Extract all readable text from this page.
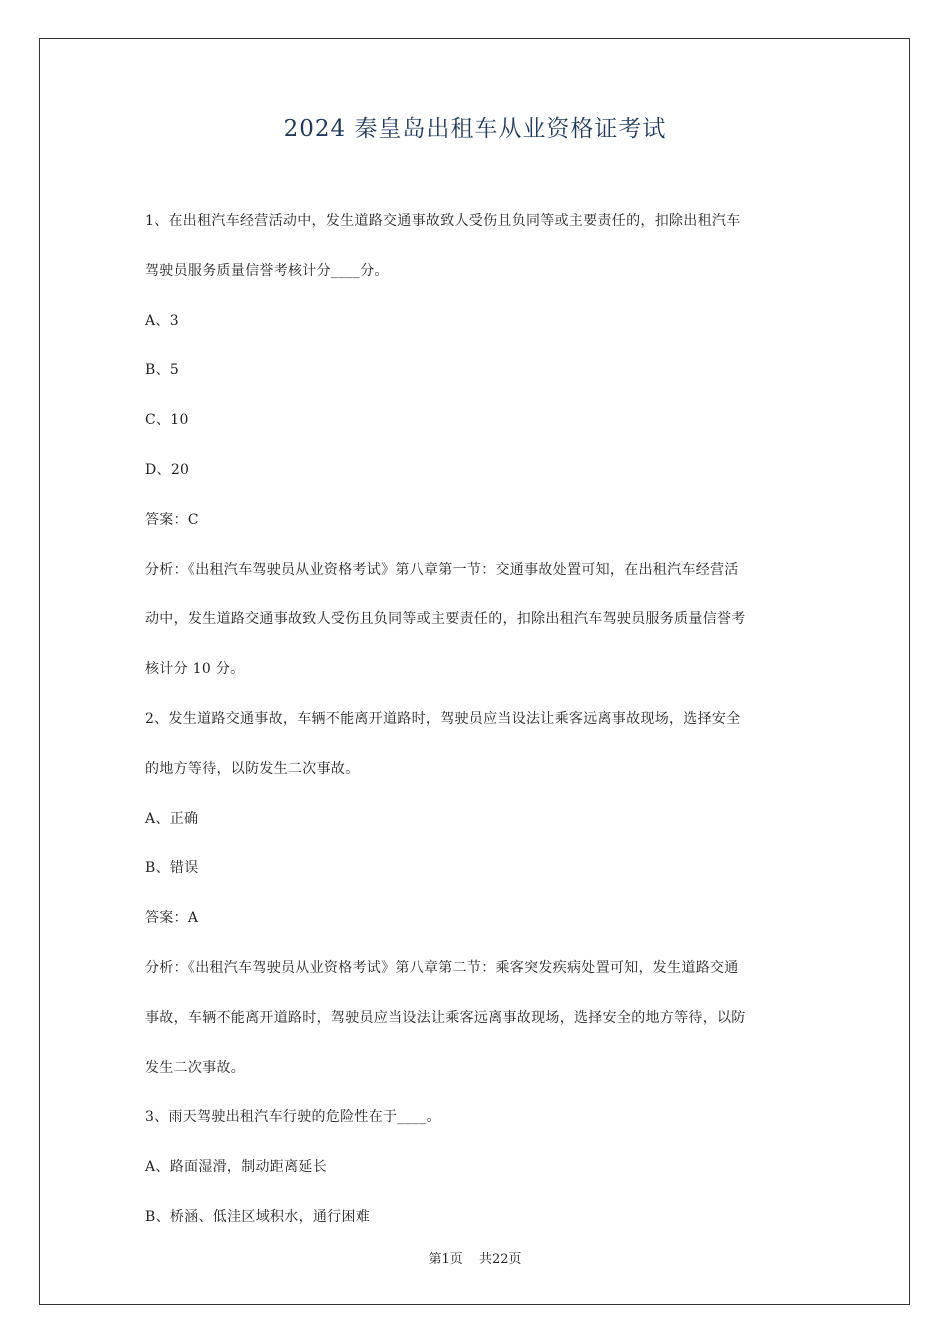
2024 秦皇岛出租车从业资格证考试
1、在出租汽车经营活动中，发生道路交通事故致人受伤且负同等或主要责任的，扣除出租汽车
驾驶员服务质量信誉考核计分____分。
A、3
B、5
C、10
D、20
答案：C
分析：《出租汽车驾驶员从业资格考试》第八章第一节：交通事故处置可知，在出租汽车经营活
动中，发生道路交通事故致人受伤且负同等或主要责任的，扣除出租汽车驾驶员服务质量信誉考
核计分 10 分。
2、发生道路交通事故，车辆不能离开道路时，驾驶员应当设法让乘客远离事故现场，选择安全
的地方等待，以防发生二次事故。
A、正确
B、错误
答案：A
分析：《出租汽车驾驶员从业资格考试》第八章第二节：乘客突发疾病处置可知，发生道路交通
事故，车辆不能离开道路时，驾驶员应当设法让乘客远离事故现场，选择安全的地方等待，以防
发生二次事故。
3、雨天驾驶出租汽车行驶的危险性在于____。
A、路面湿滑，制动距离延长
B、桥涵、低洼区域积水，通行困难
第1页 共22页
